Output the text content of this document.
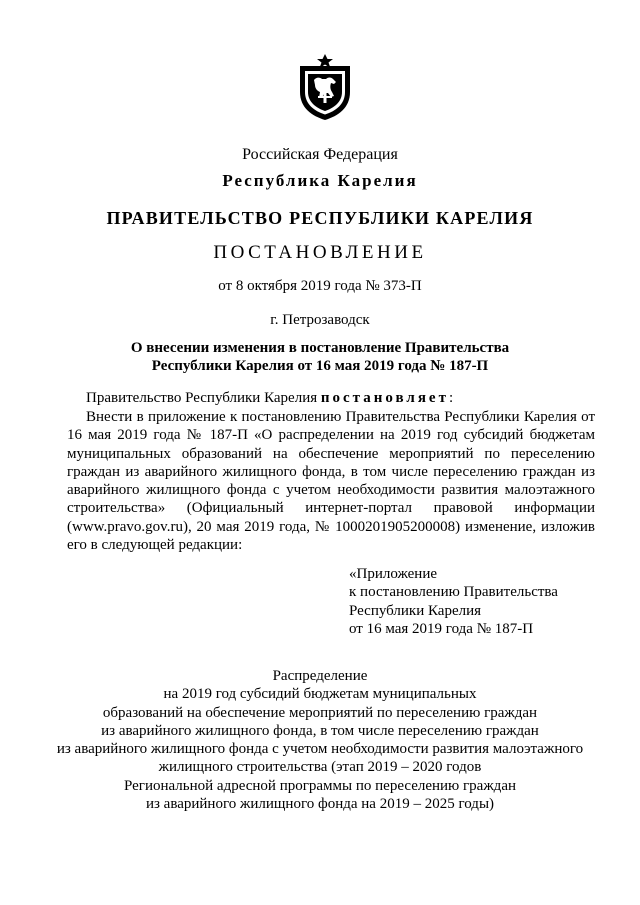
Российская Федерация
Республика Карелия
ПРАВИТЕЛЬСТВО РЕСПУБЛИКИ КАРЕЛИЯ
ПОСТАНОВЛЕНИЕ
от 8 октября 2019 года № 373-П
г. Петрозаводск
О внесении изменения в постановление Правительства
Республики Карелия от 16 мая 2019 года № 187-П
Правительство Республики Карелия постановляет:
Внести в приложение к постановлению Правительства Республики Карелия от 16 мая 2019 года № 187-П «О распределении на 2019 год субсидий бюджетам муниципальных образований на обеспечение мероприятий по переселению граждан из аварийного жилищного фонда, в том числе переселению граждан из аварийного жилищного фонда с учетом необходимости развития малоэтажного строительства» (Официальный интернет-портал правовой информации (www.pravo.gov.ru), 20 мая 2019 года, № 1000201905200008) изменение, изложив его в следующей редакции:
«Приложение
к постановлению Правительства
Республики Карелия
от 16 мая 2019 года № 187-П
Распределение
на 2019 год субсидий бюджетам муниципальных
образований на обеспечение мероприятий по переселению граждан
из аварийного жилищного фонда, в том числе переселению граждан
из аварийного жилищного фонда с учетом необходимости развития малоэтажного
жилищного строительства (этап 2019 – 2020 годов
Региональной адресной программы по переселению граждан
из аварийного жилищного фонда на 2019 – 2025 годы)
